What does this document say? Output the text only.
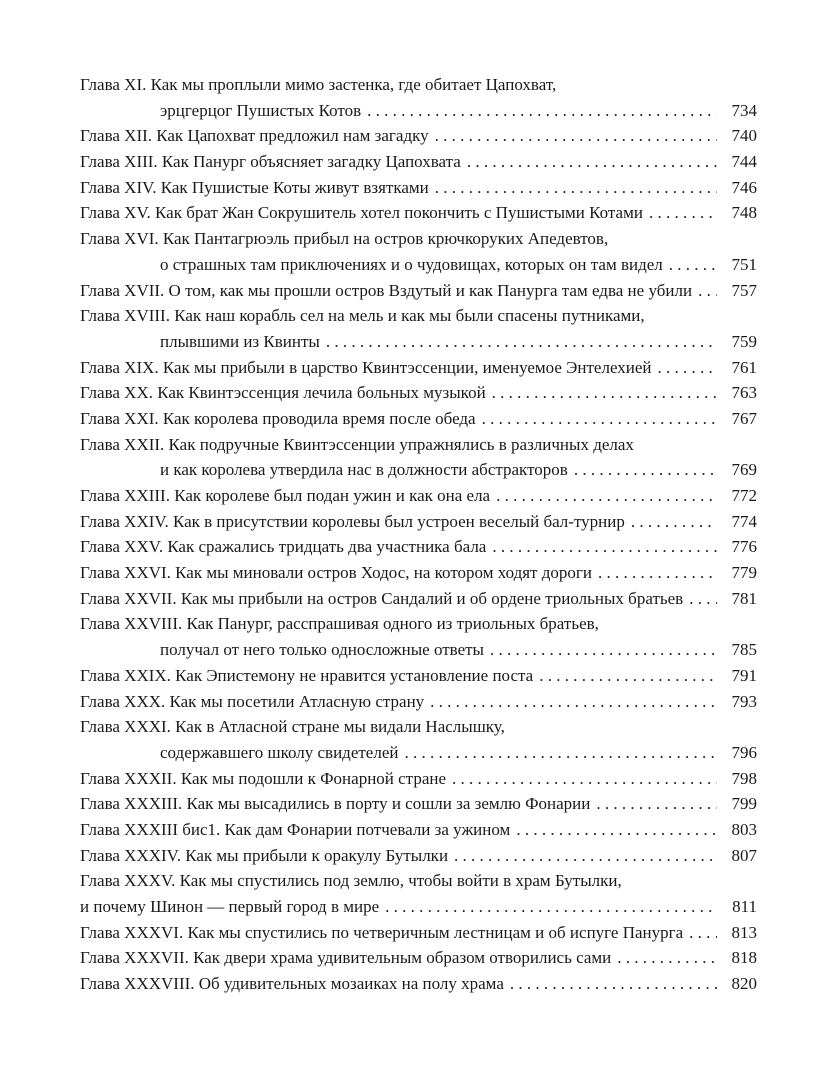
Глава XI. Как мы проплыли мимо застенка, где обитает Цапохват,
эрцгерцог Пушистых Котов . . .	734
Глава XII. Как Цапохват предложил нам загадку . . .	740
Глава XIII. Как Панург объясняет загадку Цапохвата . . .	744
Глава XIV. Как Пушистые Коты живут взятками . . .	746
Глава XV. Как брат Жан Сокрушитель хотел покончить с Пушистыми Котами . . .	748
Глава XVI. Как Пантагрюэль прибыл на остров крючкоруких Апедевтов,
о страшных там приключениях и о чудовищах, которых он там видел . . .	751
Глава XVII. О том, как мы прошли остров Вздутый и как Панурга там едва не убили . . .	757
Глава XVIII. Как наш корабль сел на мель и как мы были спасены путниками,
плывшими из Квинты . . .	759
Глава XIX. Как мы прибыли в царство Квинтэссенции, именуемое Энтелехией . . .	761
Глава XX. Как Квинтэссенция лечила больных музыкой . . .	763
Глава XXI. Как королева проводила время после обеда . . .	767
Глава XXII. Как подручные Квинтэссенции упражнялись в различных делах
и как королева утвердила нас в должности абстракторов . . .	769
Глава XXIII. Как королеве был подан ужин и как она ела . . .	772
Глава XXIV. Как в присутствии королевы был устроен веселый бал-турнир . . .	774
Глава XXV. Как сражались тридцать два участника бала . . .	776
Глава XXVI. Как мы миновали остров Ходос, на котором ходят дороги . . .	779
Глава XXVII. Как мы прибыли на остров Сандалий и об ордене триольных братьев . . .	781
Глава XXVIII. Как Панург, расспрашивая одного из триольных братьев,
получал от него только односложные ответы . . .	785
Глава XXIX. Как Эпистемону не нравится установление поста . . .	791
Глава XXX. Как мы посетили Атласную страну . . .	793
Глава XXXI. Как в Атласной стране мы видали Наслышку,
содержавшего школу свидетелей . . .	796
Глава XXXII. Как мы подошли к Фонарной стране . . .	798
Глава XXXIII. Как мы высадились в порту и сошли за землю Фонарии . . .	799
Глава XXXIII бис1. Как дам Фонарии потчевали за ужином . . .	803
Глава XXXIV. Как мы прибыли к оракулу Бутылки . . .	807
Глава XXXV. Как мы спустились под землю, чтобы войти в храм Бутылки,
и почему Шинон — первый город в мире . . .	811
Глава XXXVI. Как мы спустились по четверичным лестницам и об испуге Панурга . . .	813
Глава XXXVII. Как двери храма удивительным образом отворились сами . . .	818
Глава XXXVIII. Об удивительных мозаиках на полу храма . . .	820
